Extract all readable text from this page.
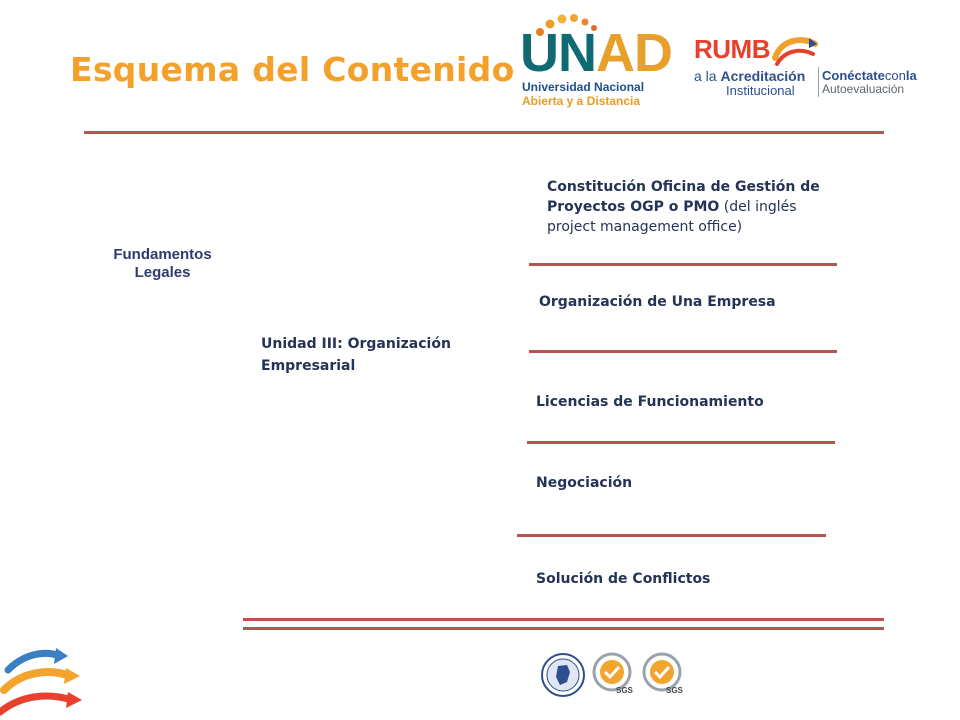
Esquema del Contenido UNAD
Universidad Nacional
Abierta y a Distancia
RUMB
a la Acreditación
Institucional
Conéctateconla
Autoevaluación
Fundamentos Legales
Unidad III: Organización Empresarial
Constitución Oficina de Gestión de Proyectos OGP o PMO (del inglés project management office)
Organización de Una Empresa
Licencias de Funcionamiento
Negociación
Solución de Conflictos
SGS	SGS
